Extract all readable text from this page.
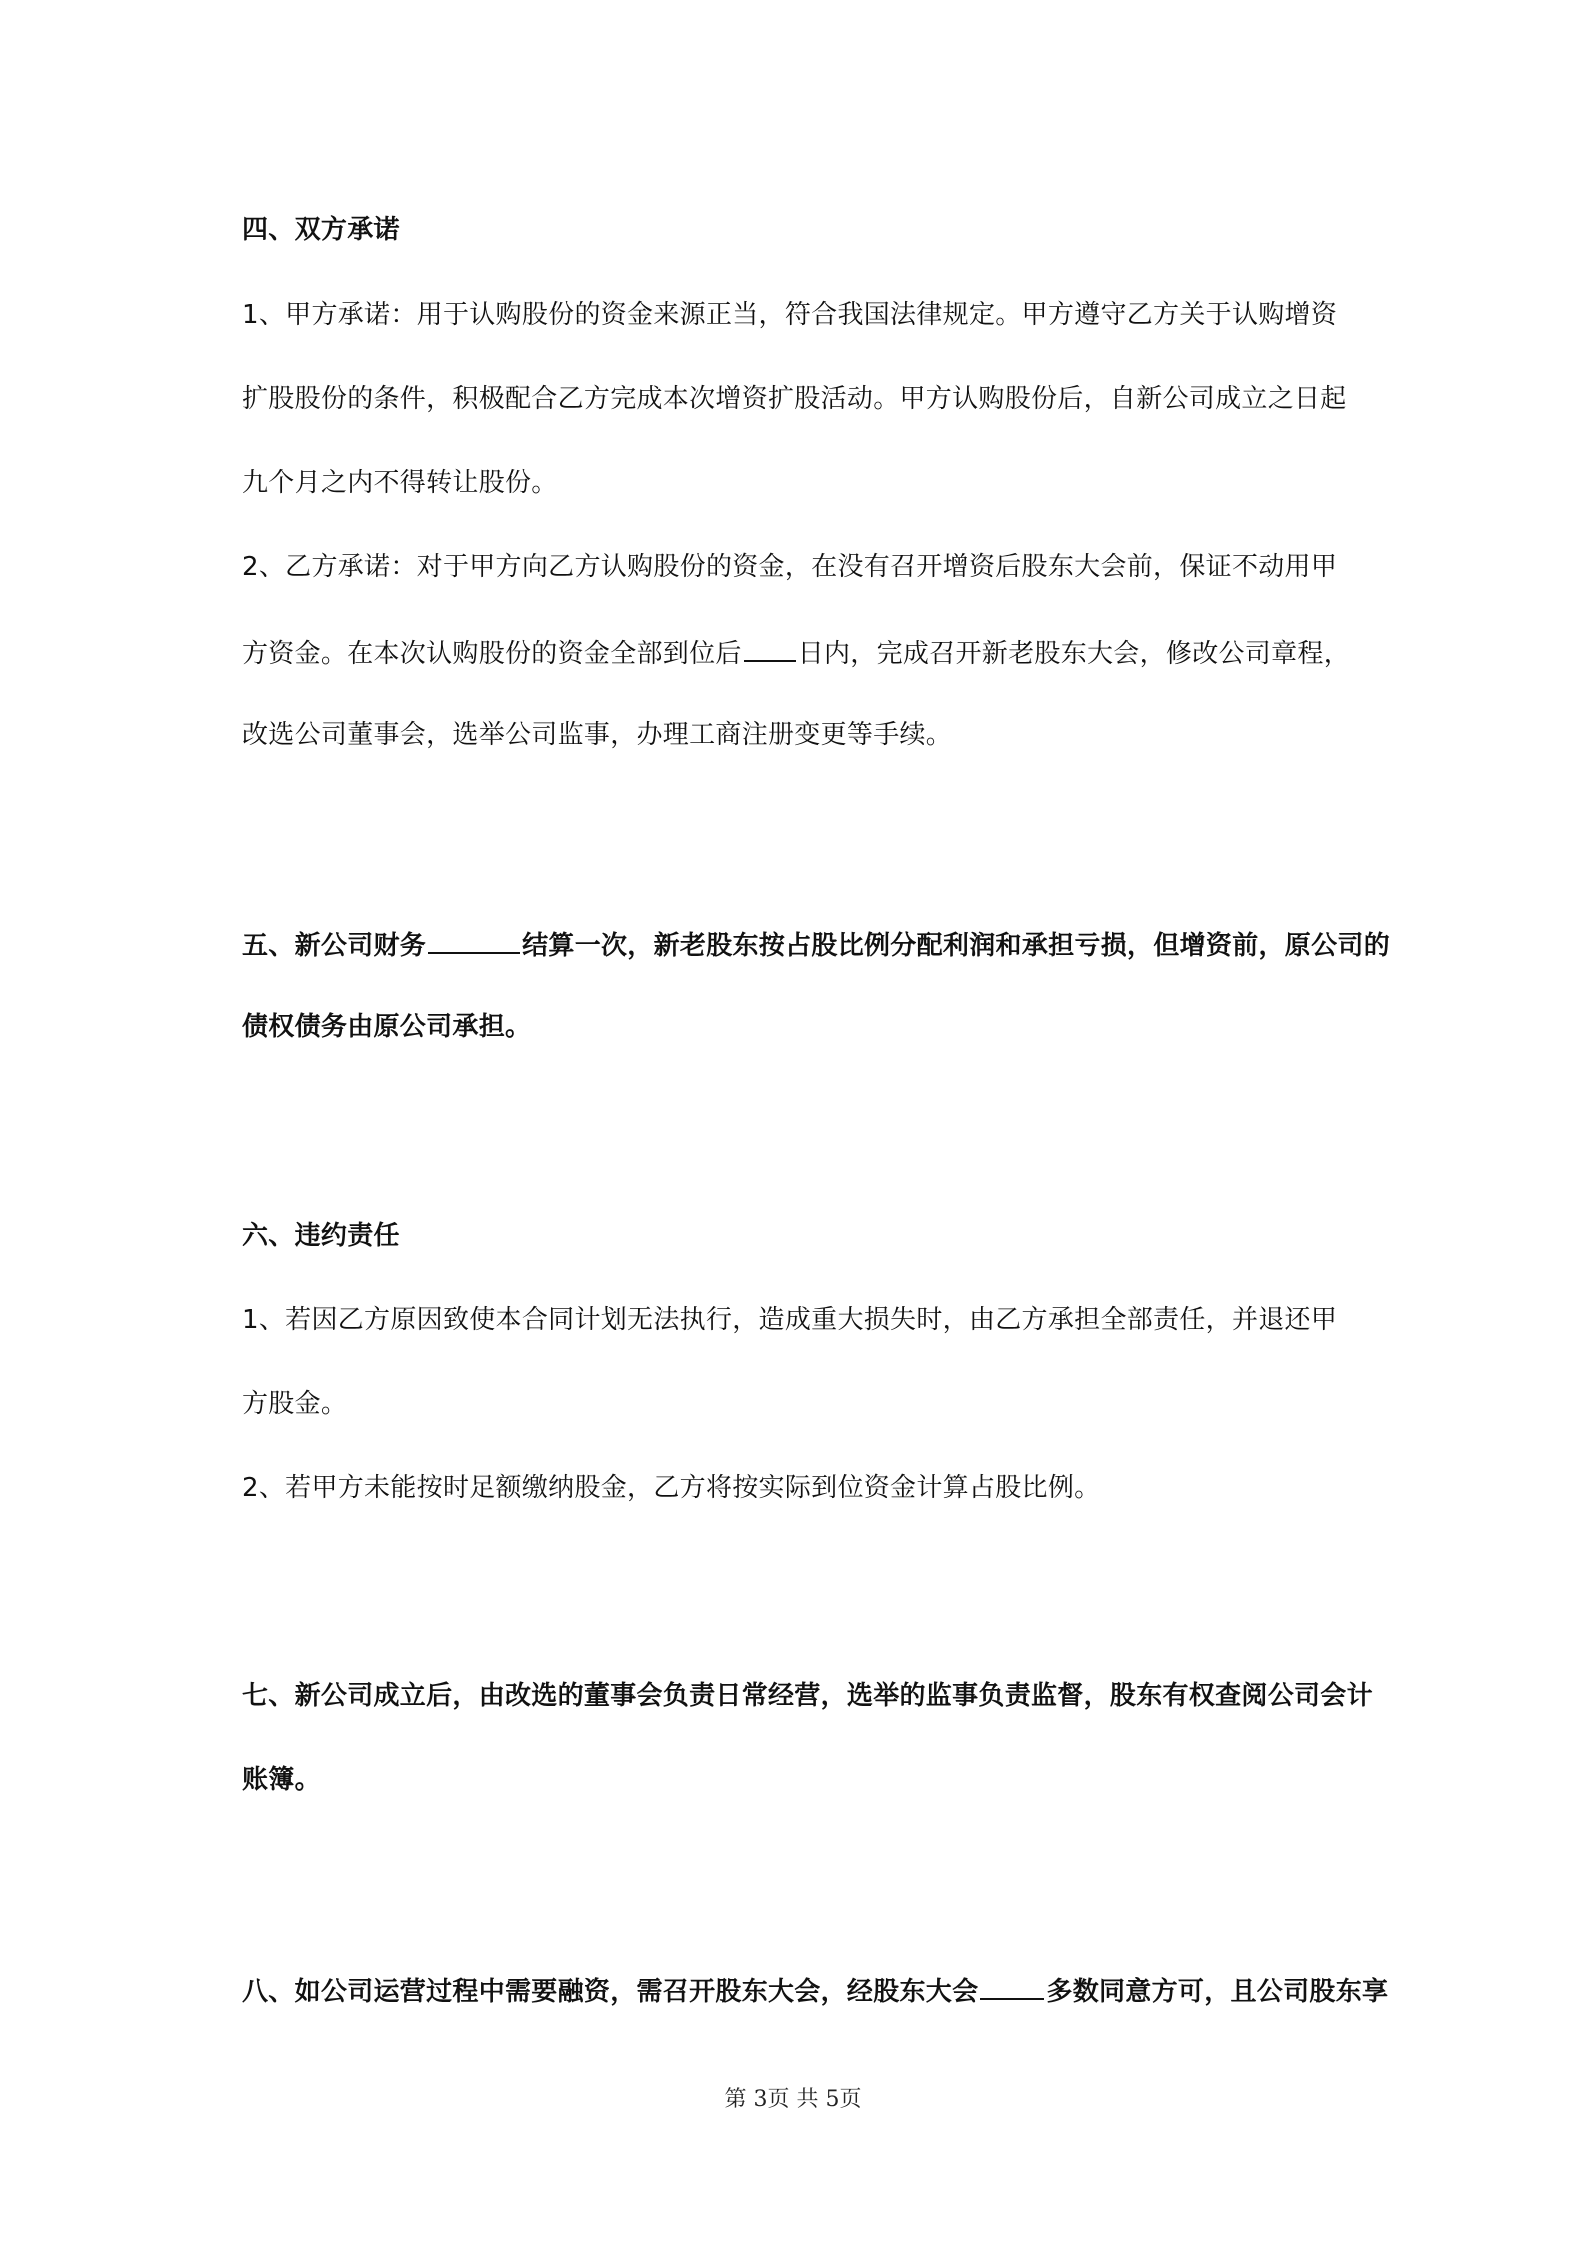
四、双方承诺
1、甲方承诺：用于认购股份的资金来源正当，符合我国法律规定。甲方遵守乙方关于认购增资
扩股股份的条件，积极配合乙方完成本次增资扩股活动。甲方认购股份后，自新公司成立之日起
九个月之内不得转让股份。
2、乙方承诺：对于甲方向乙方认购股份的资金，在没有召开增资后股东大会前，保证不动用甲
方资金。在本次认购股份的资金全部到位后 日内，完成召开新老股东大会，修改公司章程，
改选公司董事会，选举公司监事，办理工商注册变更等手续。
五、新公司财务	结算一次，新老股东按占股比例分配利润和承担亏损，但增资前，原公司的
债权债务由原公司承担。
六、违约责任
1、若因乙方原因致使本合同计划无法执行，造成重大损失时，由乙方承担全部责任，并退还甲
方股金。
2、若甲方未能按时足额缴纳股金，乙方将按实际到位资金计算占股比例。
七、新公司成立后，由改选的董事会负责日常经营，选举的监事负责监督，股东有权查阅公司会计
账簿。
八、如公司运营过程中需要融资，需召开股东大会，经股东大会	多数同意方可，且公司股东享
第 3页 共 5页
